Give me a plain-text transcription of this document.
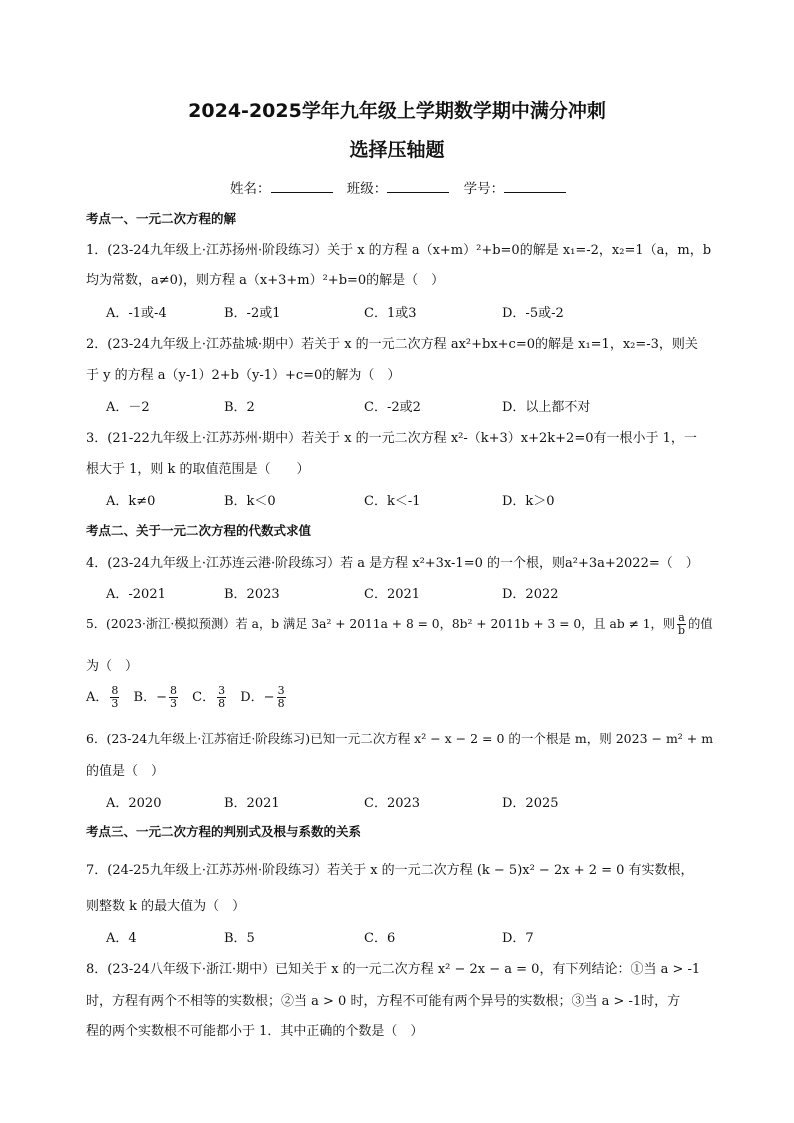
2024-2025学年九年级上学期数学期中满分冲刺
选择压轴题
姓名：	班级：	学号：
考点一、一元二次方程的解
1．(23-24九年级上·江苏扬州·阶段练习）关于 x 的方程 a（x+m）²+b=0的解是 x₁=-2，x₂=1（a，m，b
均为常数，a≠0)，则方程 a（x+3+m）²+b=0的解是（　）
A．-1或-4	B．-2或1	C．1或3	D．-5或-2
2．(23-24九年级上·江苏盐城·期中）若关于 x 的一元二次方程 ax²+bx+c=0的解是 x₁=1，x₂=-3，则关
于 y 的方程 a（y-1）2+b（y-1）+c=0的解为（　）
A．－2	B．2	C．-2或2	D．以上都不对
3．(21-22九年级上·江苏苏州·期中）若关于 x 的一元二次方程 x²-（k+3）x+2k+2=0有一根小于 1，一
根大于 1，则 k 的取值范围是（　　）
A．k≠0	B．k＜0	C．k＜-1	D．k＞0
考点二、关于一元二次方程的代数式求值
4．(23-24九年级上·江苏连云港·阶段练习）若 a 是方程 x²+3x-1=0 的一个根，则a²+3a+2022=（　）
A．-2021	B．2023	C．2021	D．2022
5．(2023·浙江·模拟预测）若 a，b 满足 3a² + 2011a + 8 = 0，8b² + 2011b + 3 = 0，且 ab ≠ 1，则 $\frac{a}{b}$ 的值
为（　）
A． $\frac{8}{3}$ B．− $\frac{8}{3}$ C． $\frac{3}{8}$ D．− $\frac{3}{8}$
6．(23-24九年级上·江苏宿迁·阶段练习)已知一元二次方程 x² − x − 2 = 0 的一个根是 m，则 2023 − m² + m
的值是（　）
A．2020	B．2021	C．2023	D．2025
考点三、一元二次方程的判别式及根与系数的关系
7．(24-25九年级上·江苏苏州·阶段练习）若关于 x 的一元二次方程 (k − 5)x² − 2x + 2 = 0 有实数根，
则整数 k 的最大值为（　）
A．4	B．5	C．6	D．7
8．(23-24八年级下·浙江·期中）已知关于 x 的一元二次方程 x² − 2x − a = 0，有下列结论：①当 a > -1
时，方程有两个不相等的实数根；②当 a > 0 时，方程不可能有两个异号的实数根；③当 a > -1时，方
程的两个实数根不可能都小于 1．其中正确的个数是（　）
